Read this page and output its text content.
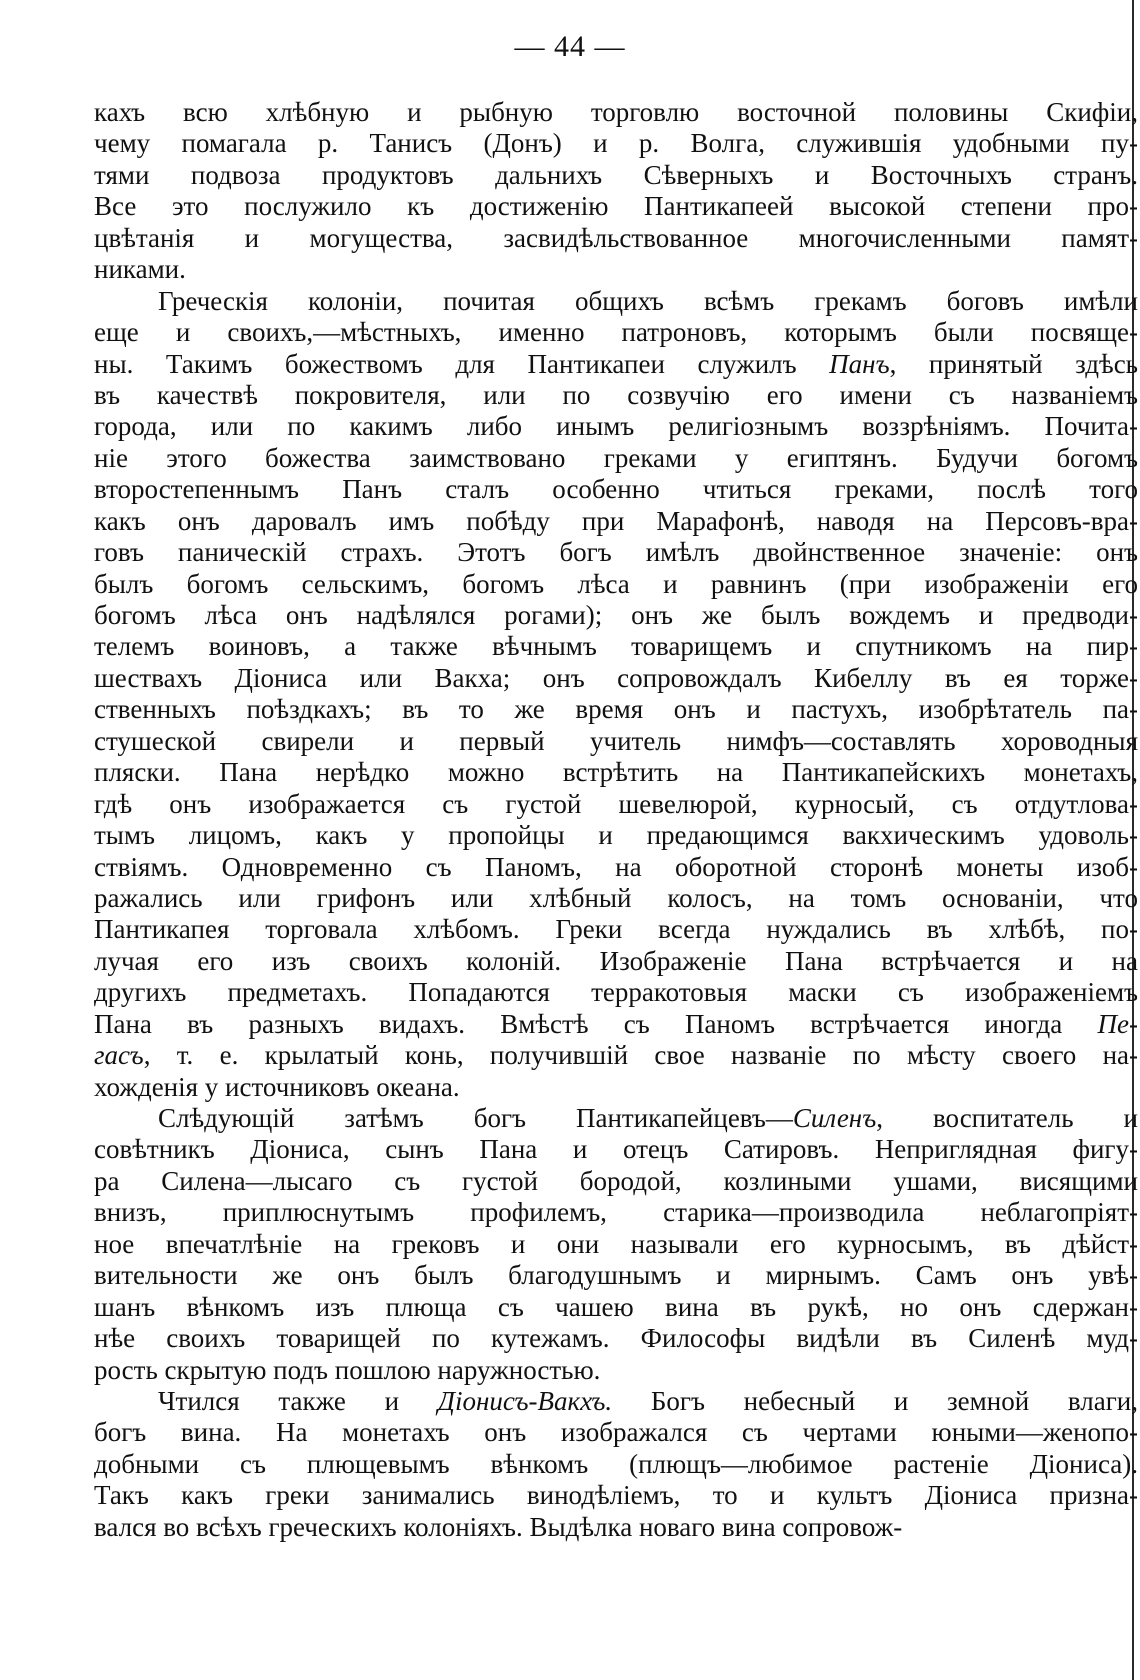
— 44 —
кахъ всю хлѣбную и рыбную торговлю восточной половины Скифіи,
чему помагала р. Танисъ (Донъ) и р. Волга, служившія удобными пу-
тями подвоза продуктовъ дальнихъ Сѣверныхъ и Восточныхъ странъ.
Все это послужило къ достиженію Пантикапеей высокой степени про-
цвѣтанія и могущества, засвидѣльствованное многочисленными памят-
никами.
Греческія колоніи, почитая общихъ всѣмъ грекамъ боговъ имѣли
еще и своихъ,—мѣстныхъ, именно патроновъ, которымъ были посвяще-
ны. Такимъ божествомъ для Пантикапеи служилъ Панъ, принятый здѣсь
въ качествѣ покровителя, или по созвучію его имени съ названіемъ
города, или по какимъ либо инымъ религіознымъ воззрѣніямъ. Почита-
ніе этого божества заимствовано греками у египтянъ. Будучи богомъ
второстепеннымъ Панъ сталъ особенно чтиться греками, послѣ того
какъ онъ даровалъ имъ побѣду при Марафонѣ, наводя на Персовъ-вра-
говъ паническій страхъ. Этотъ богъ имѣлъ двойнственное значеніе: онъ
былъ богомъ сельскимъ, богомъ лѣса и равнинъ (при изображеніи его
богомъ лѣса онъ надѣлялся рогами); онъ же былъ вождемъ и предводи-
телемъ воиновъ, а также вѣчнымъ товарищемъ и спутникомъ на пир-
шествахъ Діониса или Вакха; онъ сопровождалъ Кибеллу въ ея торже-
ственныхъ поѣздкахъ; въ то же время онъ и пастухъ, изобрѣтатель па-
стушеской свирели и первый учитель нимфъ—составлять хороводныя
пляски. Пана нерѣдко можно встрѣтить на Пантикапейскихъ монетахъ,
гдѣ онъ изображается съ густой шевелюрой, курносый, съ отдутлова-
тымъ лицомъ, какъ у пропойцы и предающимся вакхическимъ удоволь-
ствіямъ. Одновременно съ Паномъ, на оборотной сторонѣ монеты изоб-
ражались или грифонъ или хлѣбный колосъ, на томъ основаніи, что
Пантикапея торговала хлѣбомъ. Греки всегда нуждались въ хлѣбѣ, по-
лучая его изъ своихъ колоній. Изображеніе Пана встрѣчается и на
другихъ предметахъ. Попадаются терракотовыя маски съ изображеніемъ
Пана въ разныхъ видахъ. Вмѣстѣ съ Паномъ встрѣчается иногда Пе-
гасъ, т. е. крылатый конь, получившій свое названіе по мѣсту своего на-
хожденія у источниковъ океана.
Слѣдующій затѣмъ богъ Пантикапейцевъ—Силенъ, воспитатель и
совѣтникъ Діониса, сынъ Пана и отецъ Сатировъ. Неприглядная фигу-
ра Силена—лысаго съ густой бородой, козлиными ушами, висящими
внизъ, приплюснутымъ профилемъ, старика—производила неблагопріят-
ное впечатлѣніе на грековъ и они называли его курносымъ, въ дѣйст-
вительности же онъ былъ благодушнымъ и мирнымъ. Самъ онъ увѣ-
шанъ вѣнкомъ изъ плюща съ чашею вина въ рукѣ, но онъ сдержан-
нѣе своихъ товарищей по кутежамъ. Философы видѣли въ Силенѣ муд-
рость скрытую подъ пошлою наружностью.
Чтился также и Діонисъ-Вакхъ. Богъ небесный и земной влаги,
богъ вина. На монетахъ онъ изображался съ чертами юными—женопо-
добными съ плющевымъ вѣнкомъ (плющъ—любимое растеніе Діониса).
Такъ какъ греки занимались винодѣліемъ, то и культъ Діониса призна-
вался во всѣхъ греческихъ колоніяхъ. Выдѣлка новаго вина сопровож-
